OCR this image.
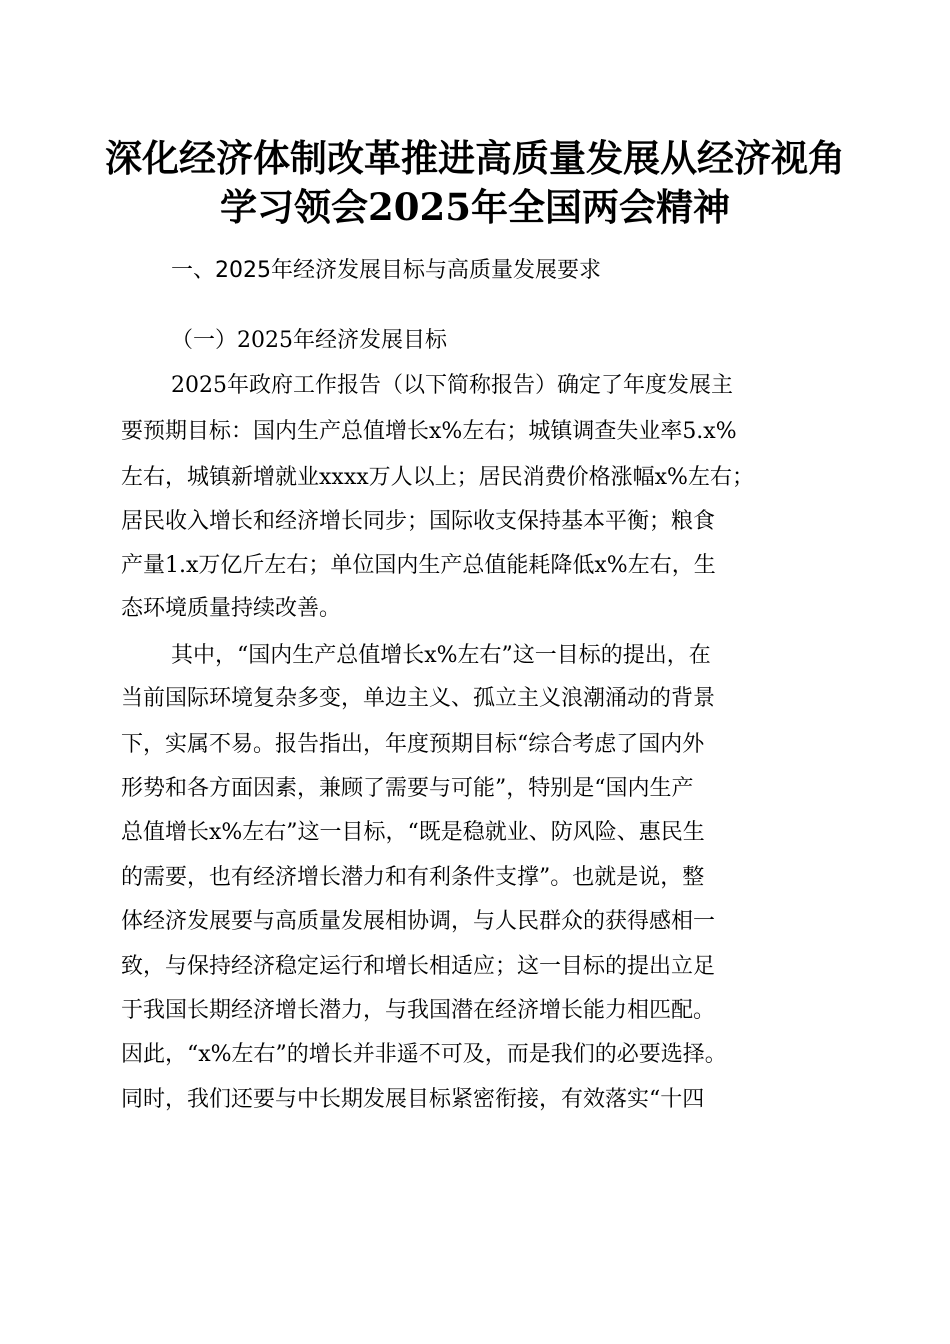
深化经济体制改革推进高质量发展从经济视角
学习领会2025年全国两会精神
一、2025年经济发展目标与高质量发展要求
（一）2025年经济发展目标
2025年政府工作报告（以下简称报告）确定了年度发展主
要预期目标：国内生产总值增长x%左右；城镇调查失业率5.x%
左右，城镇新增就业xxxx万人以上；居民消费价格涨幅x%左右；
居民收入增长和经济增长同步；国际收支保持基本平衡；粮食
产量1.x万亿斤左右；单位国内生产总值能耗降低x%左右，生
态环境质量持续改善。
其中，“国内生产总值增长x%左右”这一目标的提出，在
当前国际环境复杂多变，单边主义、孤立主义浪潮涌动的背景
下，实属不易。报告指出，年度预期目标“综合考虑了国内外
形势和各方面因素，兼顾了需要与可能”，特别是“国内生产
总值增长x%左右”这一目标，“既是稳就业、防风险、惠民生
的需要，也有经济增长潜力和有利条件支撑”。也就是说，整
体经济发展要与高质量发展相协调，与人民群众的获得感相一
致，与保持经济稳定运行和增长相适应；这一目标的提出立足
于我国长期经济增长潜力，与我国潜在经济增长能力相匹配。
因此，“x%左右”的增长并非遥不可及，而是我们的必要选择。
同时，我们还要与中长期发展目标紧密衔接，有效落实“十四
